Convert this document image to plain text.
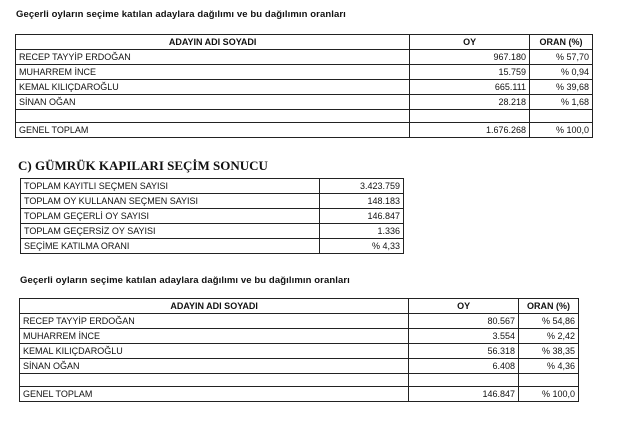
Geçerli oyların seçime katılan adaylara dağılımı ve bu dağılımın oranları
ADAYIN ADI SOYADI	OY	ORAN (%)
RECEP TAYYİP ERDOĞAN	967.180	% 57,70
MUHARREM İNCE	15.759	% 0,94
KEMAL KILIÇDAROĞLU	665.111	% 39,68
SİNAN OĞAN	28.218	% 1,68

GENEL TOPLAM	1.676.268	% 100,0
C) GÜMRÜK KAPILARI SEÇİM SONUCU
TOPLAM KAYITLI SEÇMEN SAYISI	3.423.759
TOPLAM OY KULLANAN SEÇMEN SAYISI	148.183
TOPLAM GEÇERLİ OY SAYISI	146.847
TOPLAM GEÇERSİZ OY SAYISI	1.336
SEÇİME KATILMA ORANI	% 4,33
Geçerli oyların seçime katılan adaylara dağılımı ve bu dağılımın oranları
ADAYIN ADI SOYADI	OY	ORAN (%)
RECEP TAYYİP ERDOĞAN	80.567	% 54,86
MUHARREM İNCE	3.554	% 2,42
KEMAL KILIÇDAROĞLU	56.318	% 38,35
SİNAN OĞAN	6.408	% 4,36

GENEL TOPLAM	146.847	% 100,0
